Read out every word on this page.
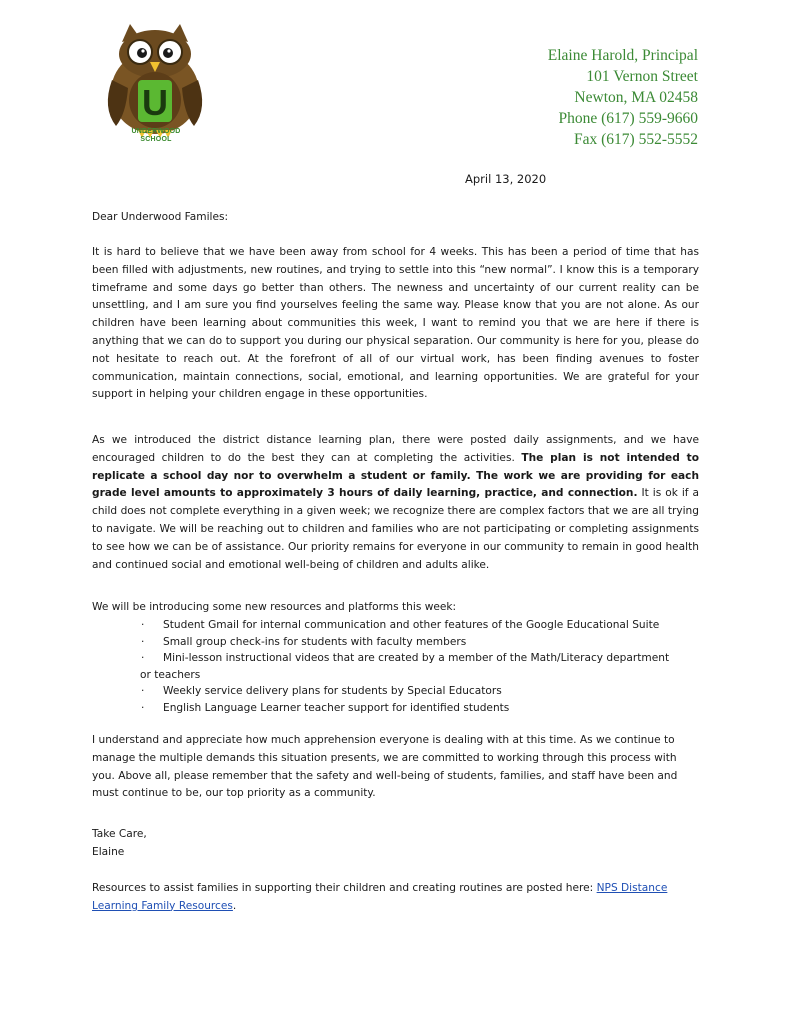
U
UNDERWOOD
SCHOOL
Elaine Harold, Principal
101 Vernon Street
Newton, MA 02458
Phone (617) 559-9660
Fax (617) 552-5552
April 13, 2020
Dear Underwood Familes:
It is hard to believe that we have been away from school for 4 weeks. This has been a period of time that has been filled with adjustments, new routines, and trying to settle into this “new normal”. I know this is a temporary timeframe and some days go better than others. The newness and uncertainty of our current reality can be unsettling, and I am sure you find yourselves feeling the same way. Please know that you are not alone. As our children have been learning about communities this week, I want to remind you that we are here if there is anything that we can do to support you during our physical separation. Our community is here for you, please do not hesitate to reach out. At the forefront of all of our virtual work, has been finding avenues to foster communication, maintain connections, social, emotional, and learning opportunities. We are grateful for your support in helping your children engage in these opportunities.
As we introduced the district distance learning plan, there were posted daily assignments, and we have encouraged children to do the best they can at completing the activities. The plan is not intended to replicate a school day nor to overwhelm a student or family. The work we are providing for each grade level amounts to approximately 3 hours of daily learning, practice, and connection. It is ok if a child does not complete everything in a given week; we recognize there are complex factors that we are all trying to navigate. We will be reaching out to children and families who are not participating or completing assignments to see how we can be of assistance. Our priority remains for everyone in our community to remain in good health and continued social and emotional well-being of children and adults alike.
We will be introducing some new resources and platforms this week:
· Student Gmail for internal communication and other features of the Google Educational Suite
· Small group check-ins for students with faculty members
· Mini-lesson instructional videos that are created by a member of the Math/Literacy department
or teachers
· Weekly service delivery plans for students by Special Educators
· English Language Learner teacher support for identified students
I understand and appreciate how much apprehension everyone is dealing with at this time. As we continue to manage the multiple demands this situation presents, we are committed to working through this process with you. Above all, please remember that the safety and well-being of students, families, and staff have been and must continue to be, our top priority as a community.
Take Care,
Elaine
Resources to assist families in supporting their children and creating routines are posted here: NPS Distance Learning Family Resources.
